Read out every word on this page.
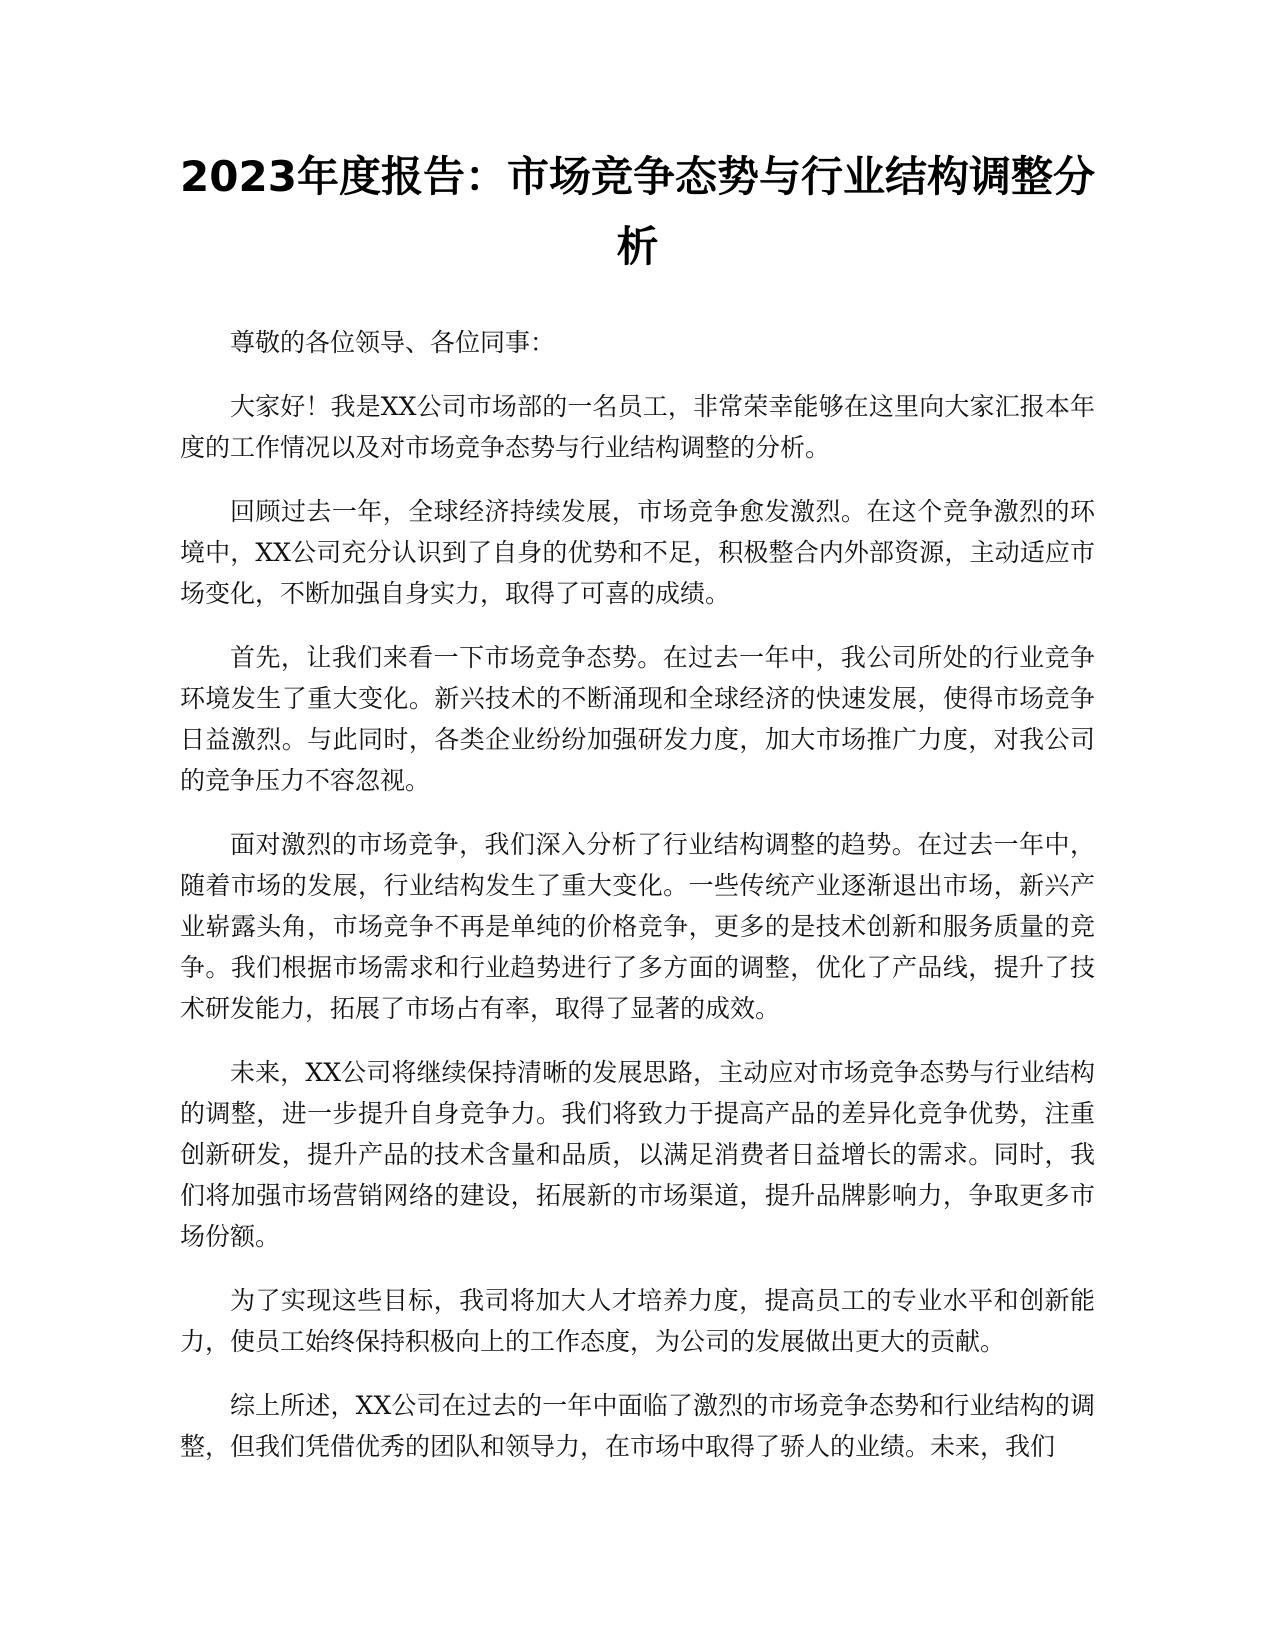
2023年度报告：市场竞争态势与行业结构调整分析

尊敬的各位领导、各位同事：

大家好！我是XX公司市场部的一名员工，非常荣幸能够在这里向大家汇报本年度的工作情况以及对市场竞争态势与行业结构调整的分析。

回顾过去一年，全球经济持续发展，市场竞争愈发激烈。在这个竞争激烈的环境中，XX公司充分认识到了自身的优势和不足，积极整合内外部资源，主动适应市场变化，不断加强自身实力，取得了可喜的成绩。

首先，让我们来看一下市场竞争态势。在过去一年中，我公司所处的行业竞争环境发生了重大变化。新兴技术的不断涌现和全球经济的快速发展，使得市场竞争日益激烈。与此同时，各类企业纷纷加强研发力度，加大市场推广力度，对我公司的竞争压力不容忽视。

面对激烈的市场竞争，我们深入分析了行业结构调整的趋势。在过去一年中，随着市场的发展，行业结构发生了重大变化。一些传统产业逐渐退出市场，新兴产业崭露头角，市场竞争不再是单纯的价格竞争，更多的是技术创新和服务质量的竞争。我们根据市场需求和行业趋势进行了多方面的调整，优化了产品线，提升了技术研发能力，拓展了市场占有率，取得了显著的成效。

未来，XX公司将继续保持清晰的发展思路，主动应对市场竞争态势与行业结构的调整，进一步提升自身竞争力。我们将致力于提高产品的差异化竞争优势，注重创新研发，提升产品的技术含量和品质，以满足消费者日益增长的需求。同时，我们将加强市场营销网络的建设，拓展新的市场渠道，提升品牌影响力，争取更多市场份额。

为了实现这些目标，我司将加大人才培养力度，提高员工的专业水平和创新能力，使员工始终保持积极向上的工作态度，为公司的发展做出更大的贡献。

综上所述，XX公司在过去的一年中面临了激烈的市场竞争态势和行业结构的调整，但我们凭借优秀的团队和领导力，在市场中取得了骄人的业绩。未来，我们
